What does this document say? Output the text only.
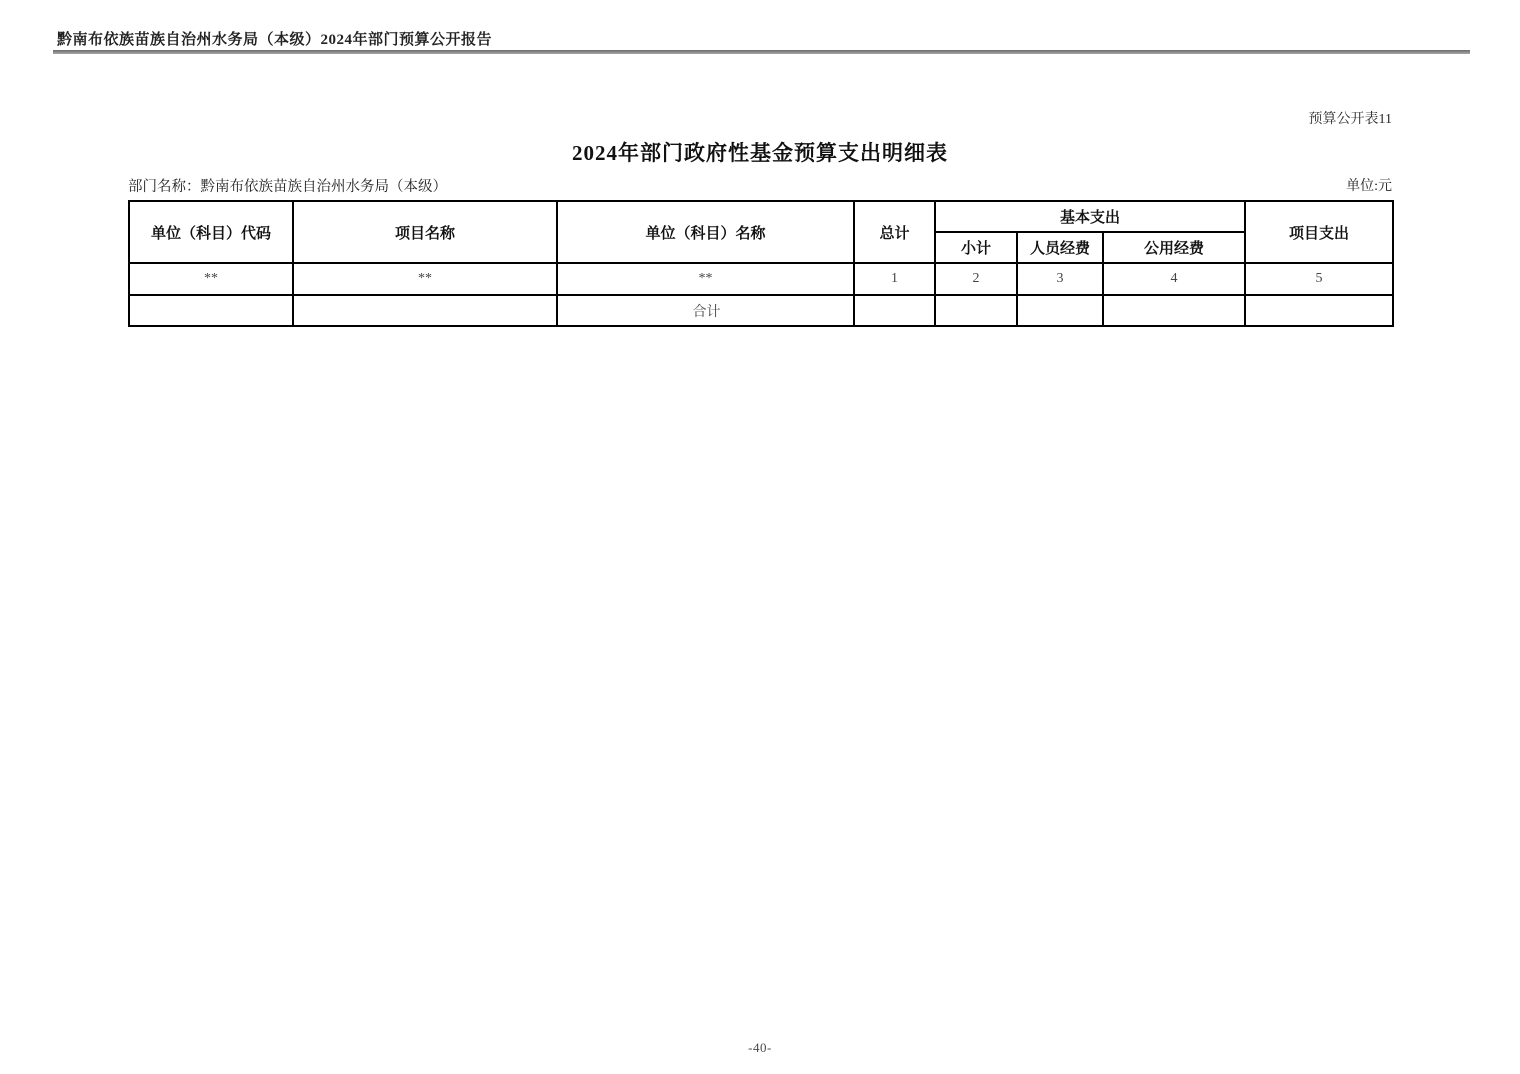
黔南布依族苗族自治州水务局（本级）2024年部门预算公开报告
预算公开表11
2024年部门政府性基金预算支出明细表
部门名称：黔南布依族苗族自治州水务局（本级）	单位:元
单位（科目）代码	项目名称	单位（科目）名称	总计	基本支出			项目支出
				小计	人员经费	公用经费	
**	**	**	1	2	3	4	5
		合计					
-40-
